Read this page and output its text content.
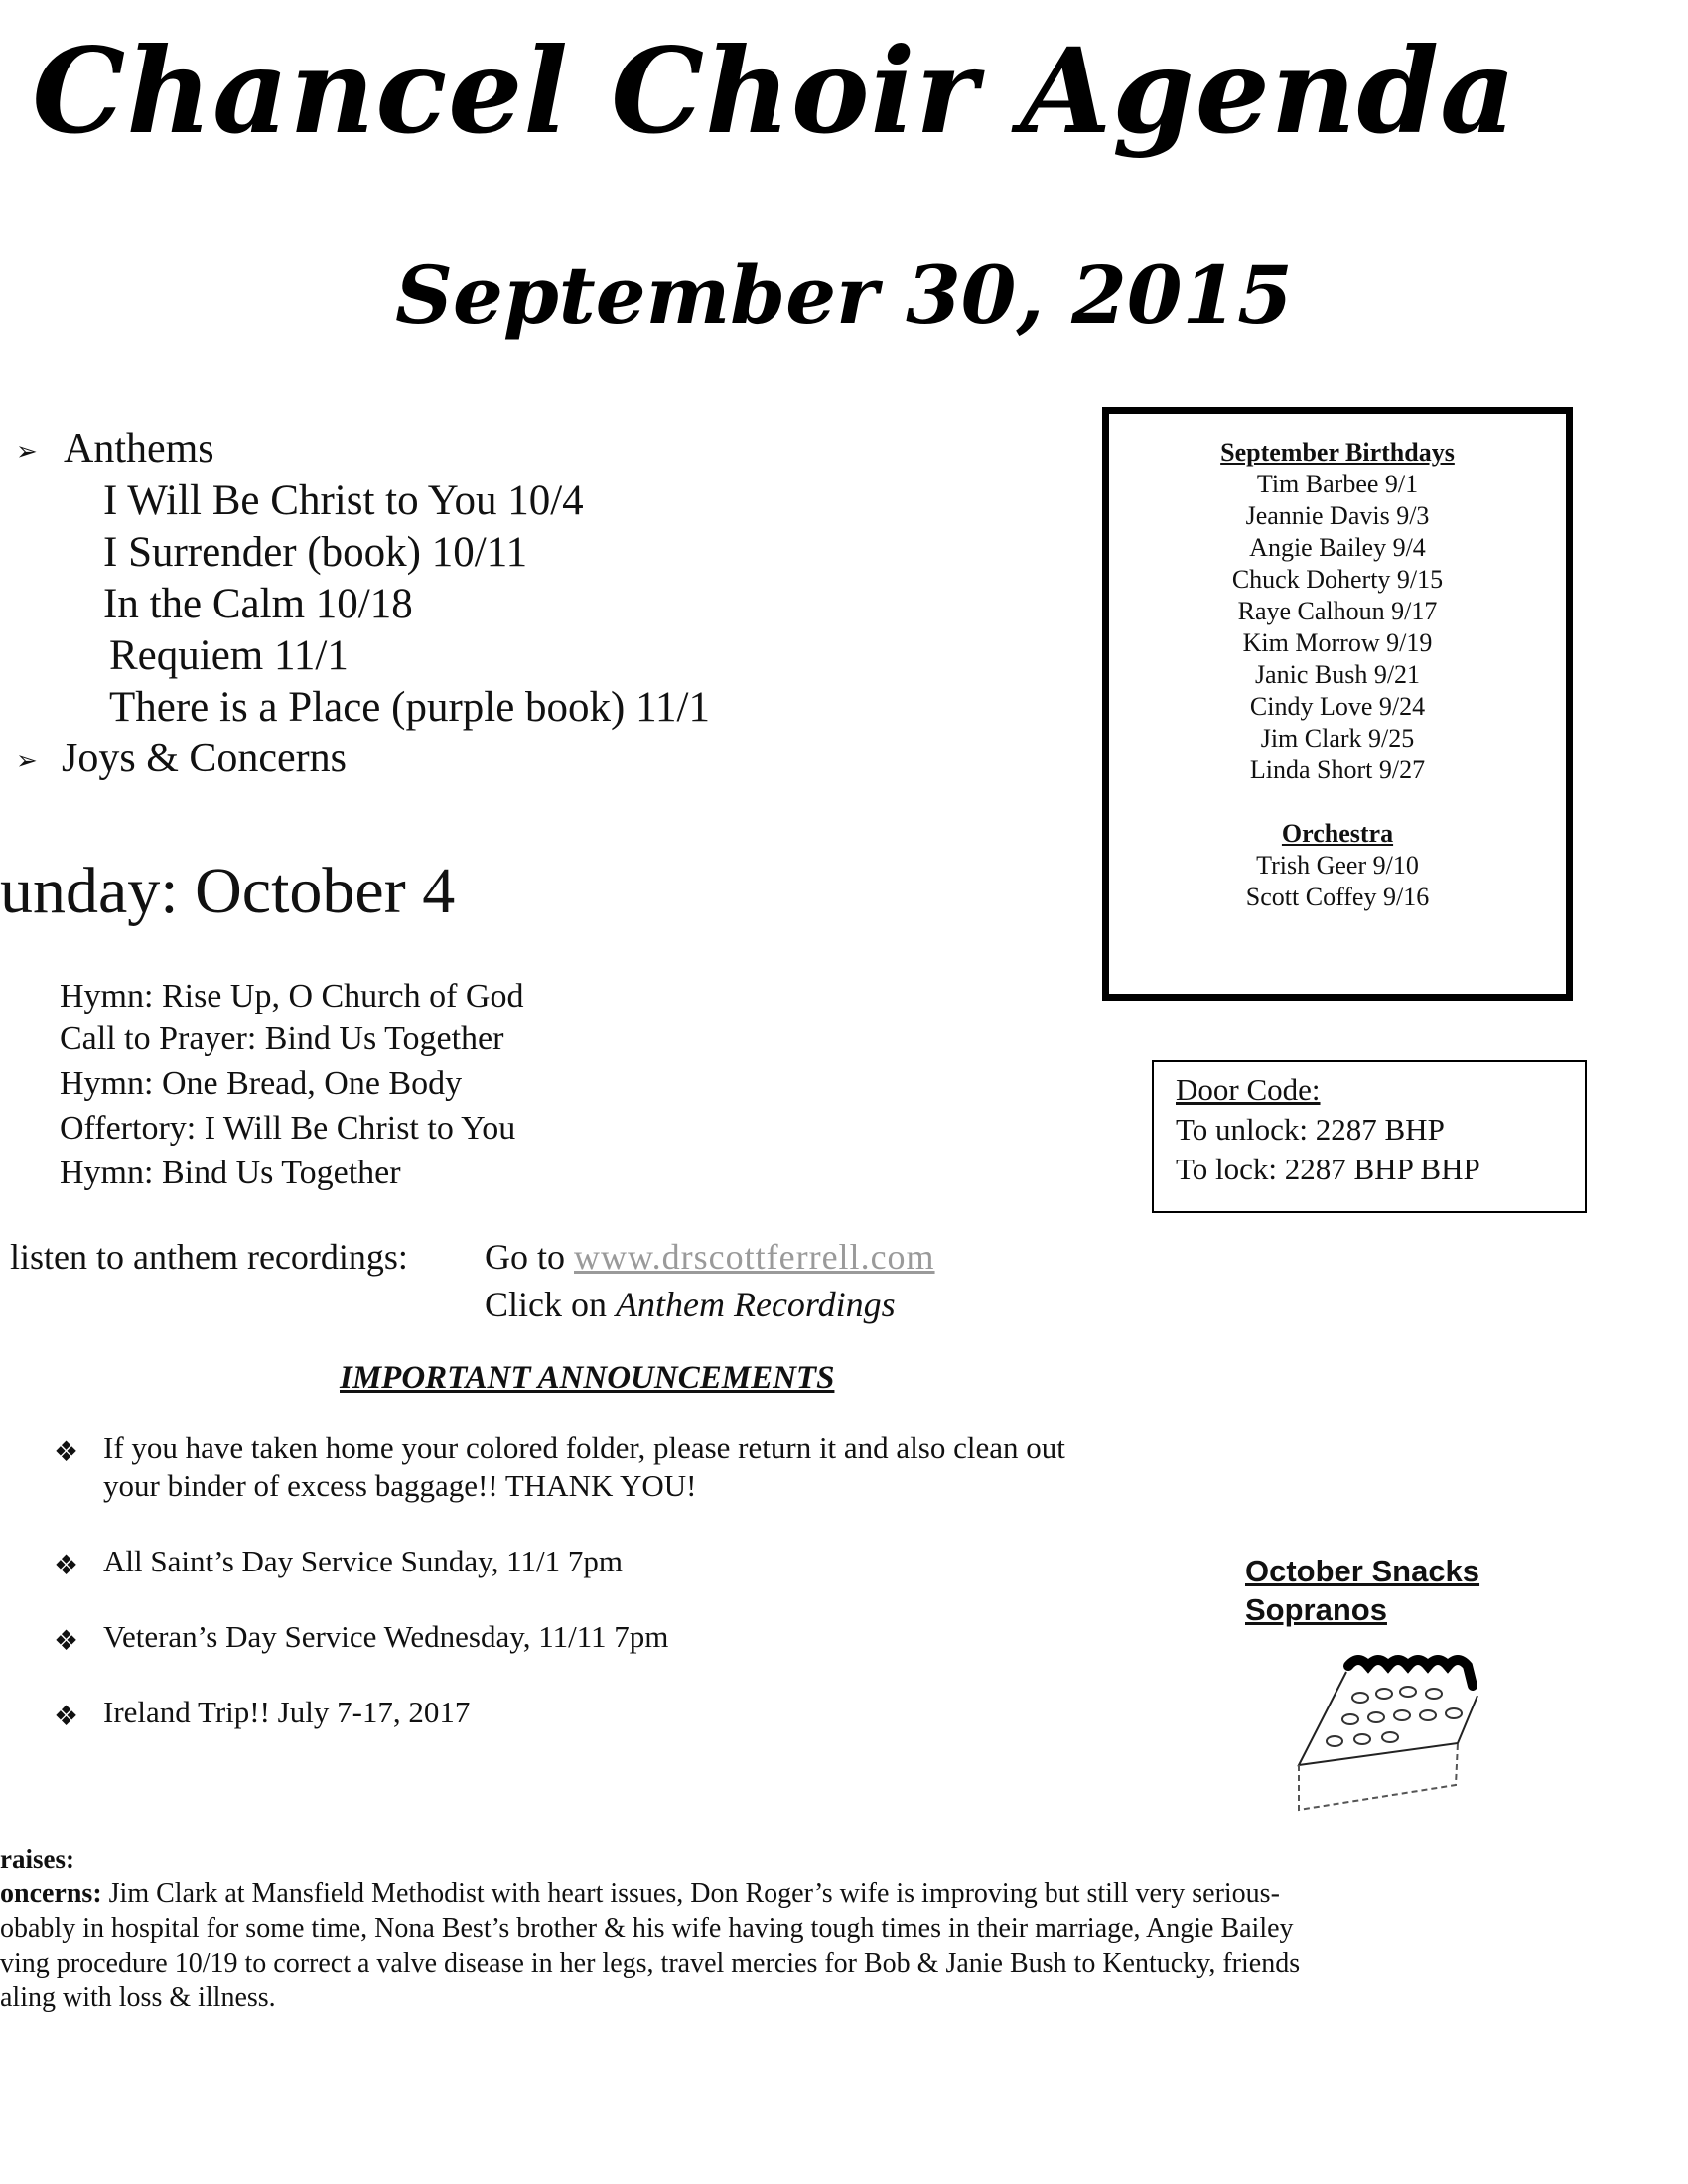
Chancel Choir Agenda
September 30, 2015
➢ Anthems
I Will Be Christ to You 10/4
I Surrender (book) 10/11
In the Calm 10/18
Requiem 11/1
There is a Place (purple book) 11/1
➢ Joys & Concerns
unday: October 4
Hymn: Rise Up, O Church of God
Call to Prayer: Bind Us Together
Hymn: One Bread, One Body
Offertory: I Will Be Christ to You
Hymn: Bind Us Together
listen to anthem recordings: Go to www.drscottferrell.com
Click on Anthem Recordings
IMPORTANT ANNOUNCEMENTS
❖ If you have taken home your colored folder, please return it and also clean out your binder of excess baggage!! THANK YOU!
❖ All Saint’s Day Service Sunday, 11/1 7pm
❖ Veteran’s Day Service Wednesday, 11/11 7pm
❖ Ireland Trip!! July 7-17, 2017
September Birthdays
Tim Barbee 9/1
Jeannie Davis 9/3
Angie Bailey 9/4
Chuck Doherty 9/15
Raye Calhoun 9/17
Kim Morrow 9/19
Janic Bush 9/21
Cindy Love 9/24
Jim Clark 9/25
Linda Short 9/27
Orchestra
Trish Geer 9/10
Scott Coffey 9/16
Door Code:
To unlock: 2287 BHP
To lock: 2287 BHP BHP
October Snacks
Sopranos
raises:
oncerns: Jim Clark at Mansfield Methodist with heart issues, Don Roger’s wife is improving but still very serious-
obably in hospital for some time, Nona Best’s brother & his wife having tough times in their marriage, Angie Bailey
ving procedure 10/19 to correct a valve disease in her legs, travel mercies for Bob & Janie Bush to Kentucky, friends
aling with loss & illness.
